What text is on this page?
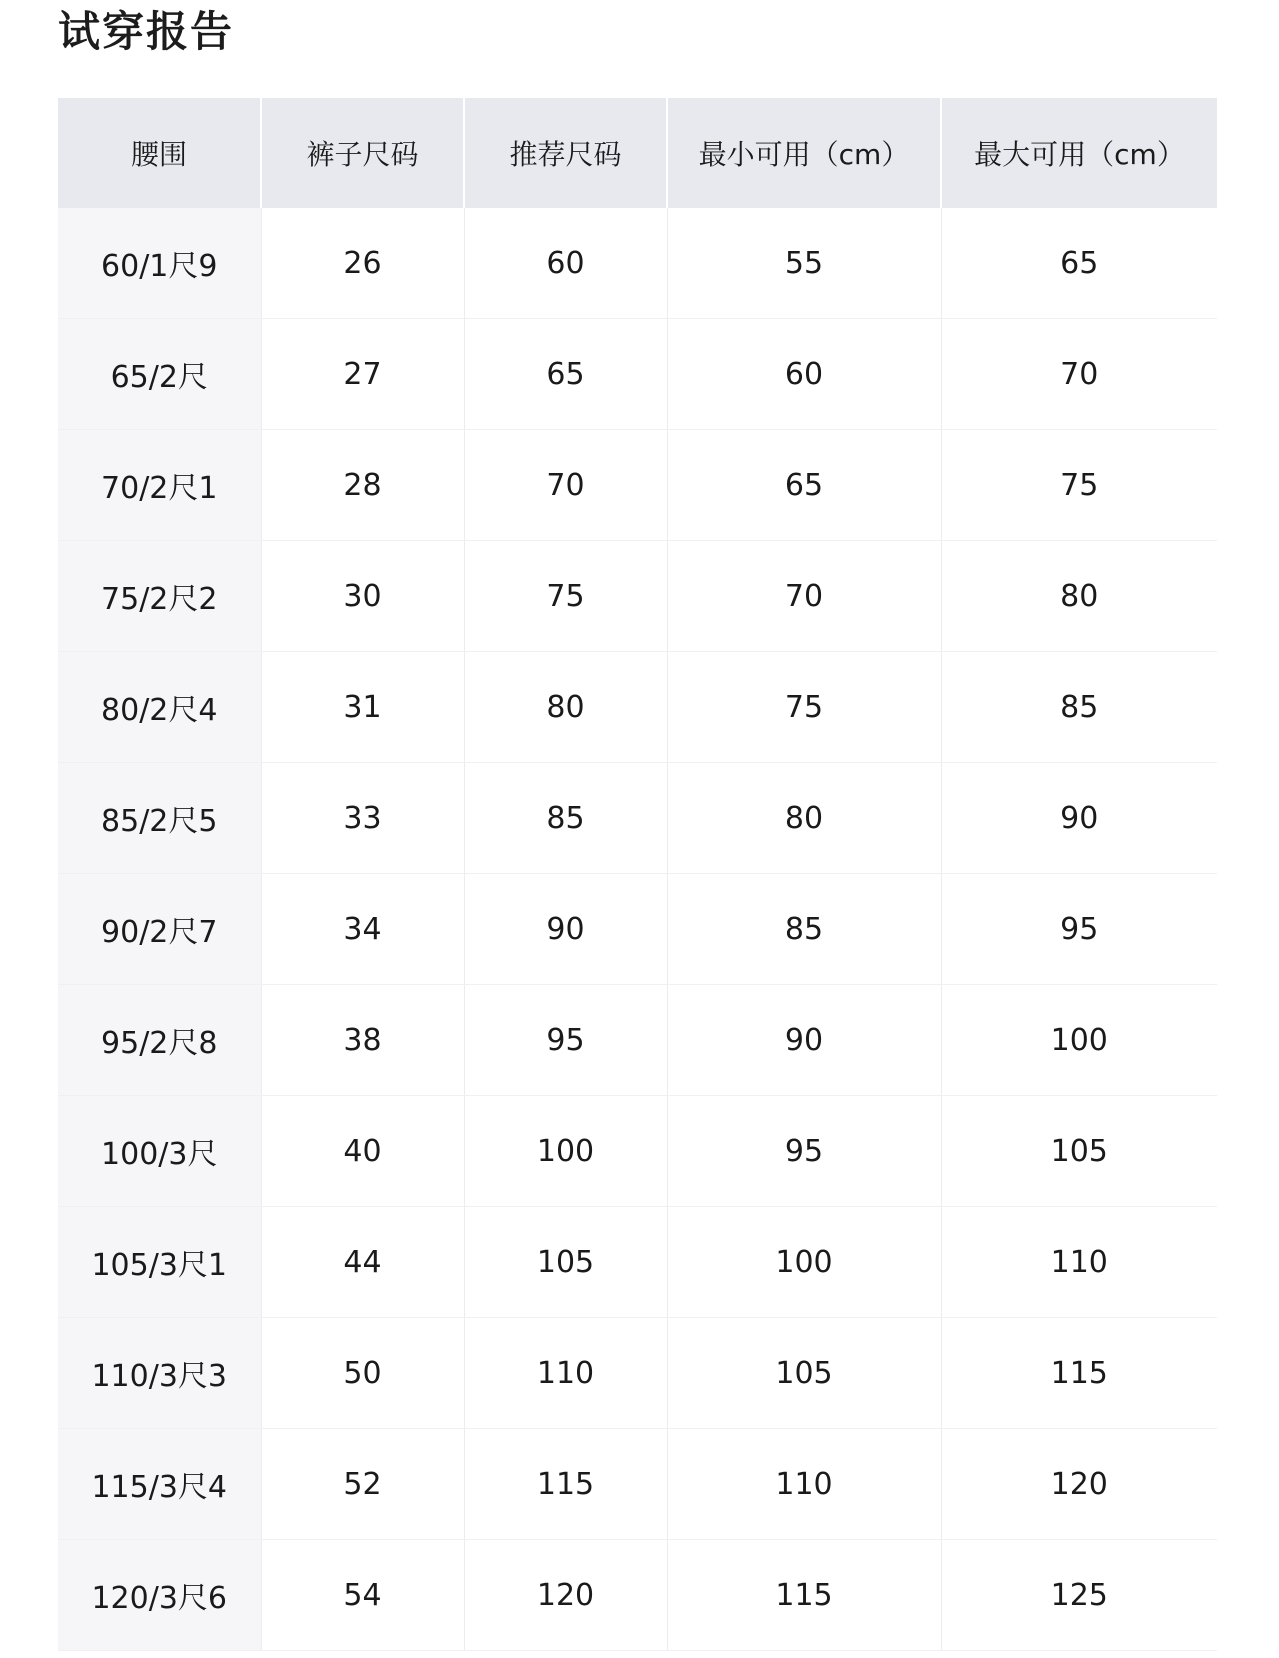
试穿报告
腰围	裤子尺码	推荐尺码	最小可用（cm）	最大可用（cm）
60/1尺9	26	60	55	65
65/2尺	27	65	60	70
70/2尺1	28	70	65	75
75/2尺2	30	75	70	80
80/2尺4	31	80	75	85
85/2尺5	33	85	80	90
90/2尺7	34	90	85	95
95/2尺8	38	95	90	100
100/3尺	40	100	95	105
105/3尺1	44	105	100	110
110/3尺3	50	110	105	115
115/3尺4	52	115	110	120
120/3尺6	54	120	115	125
